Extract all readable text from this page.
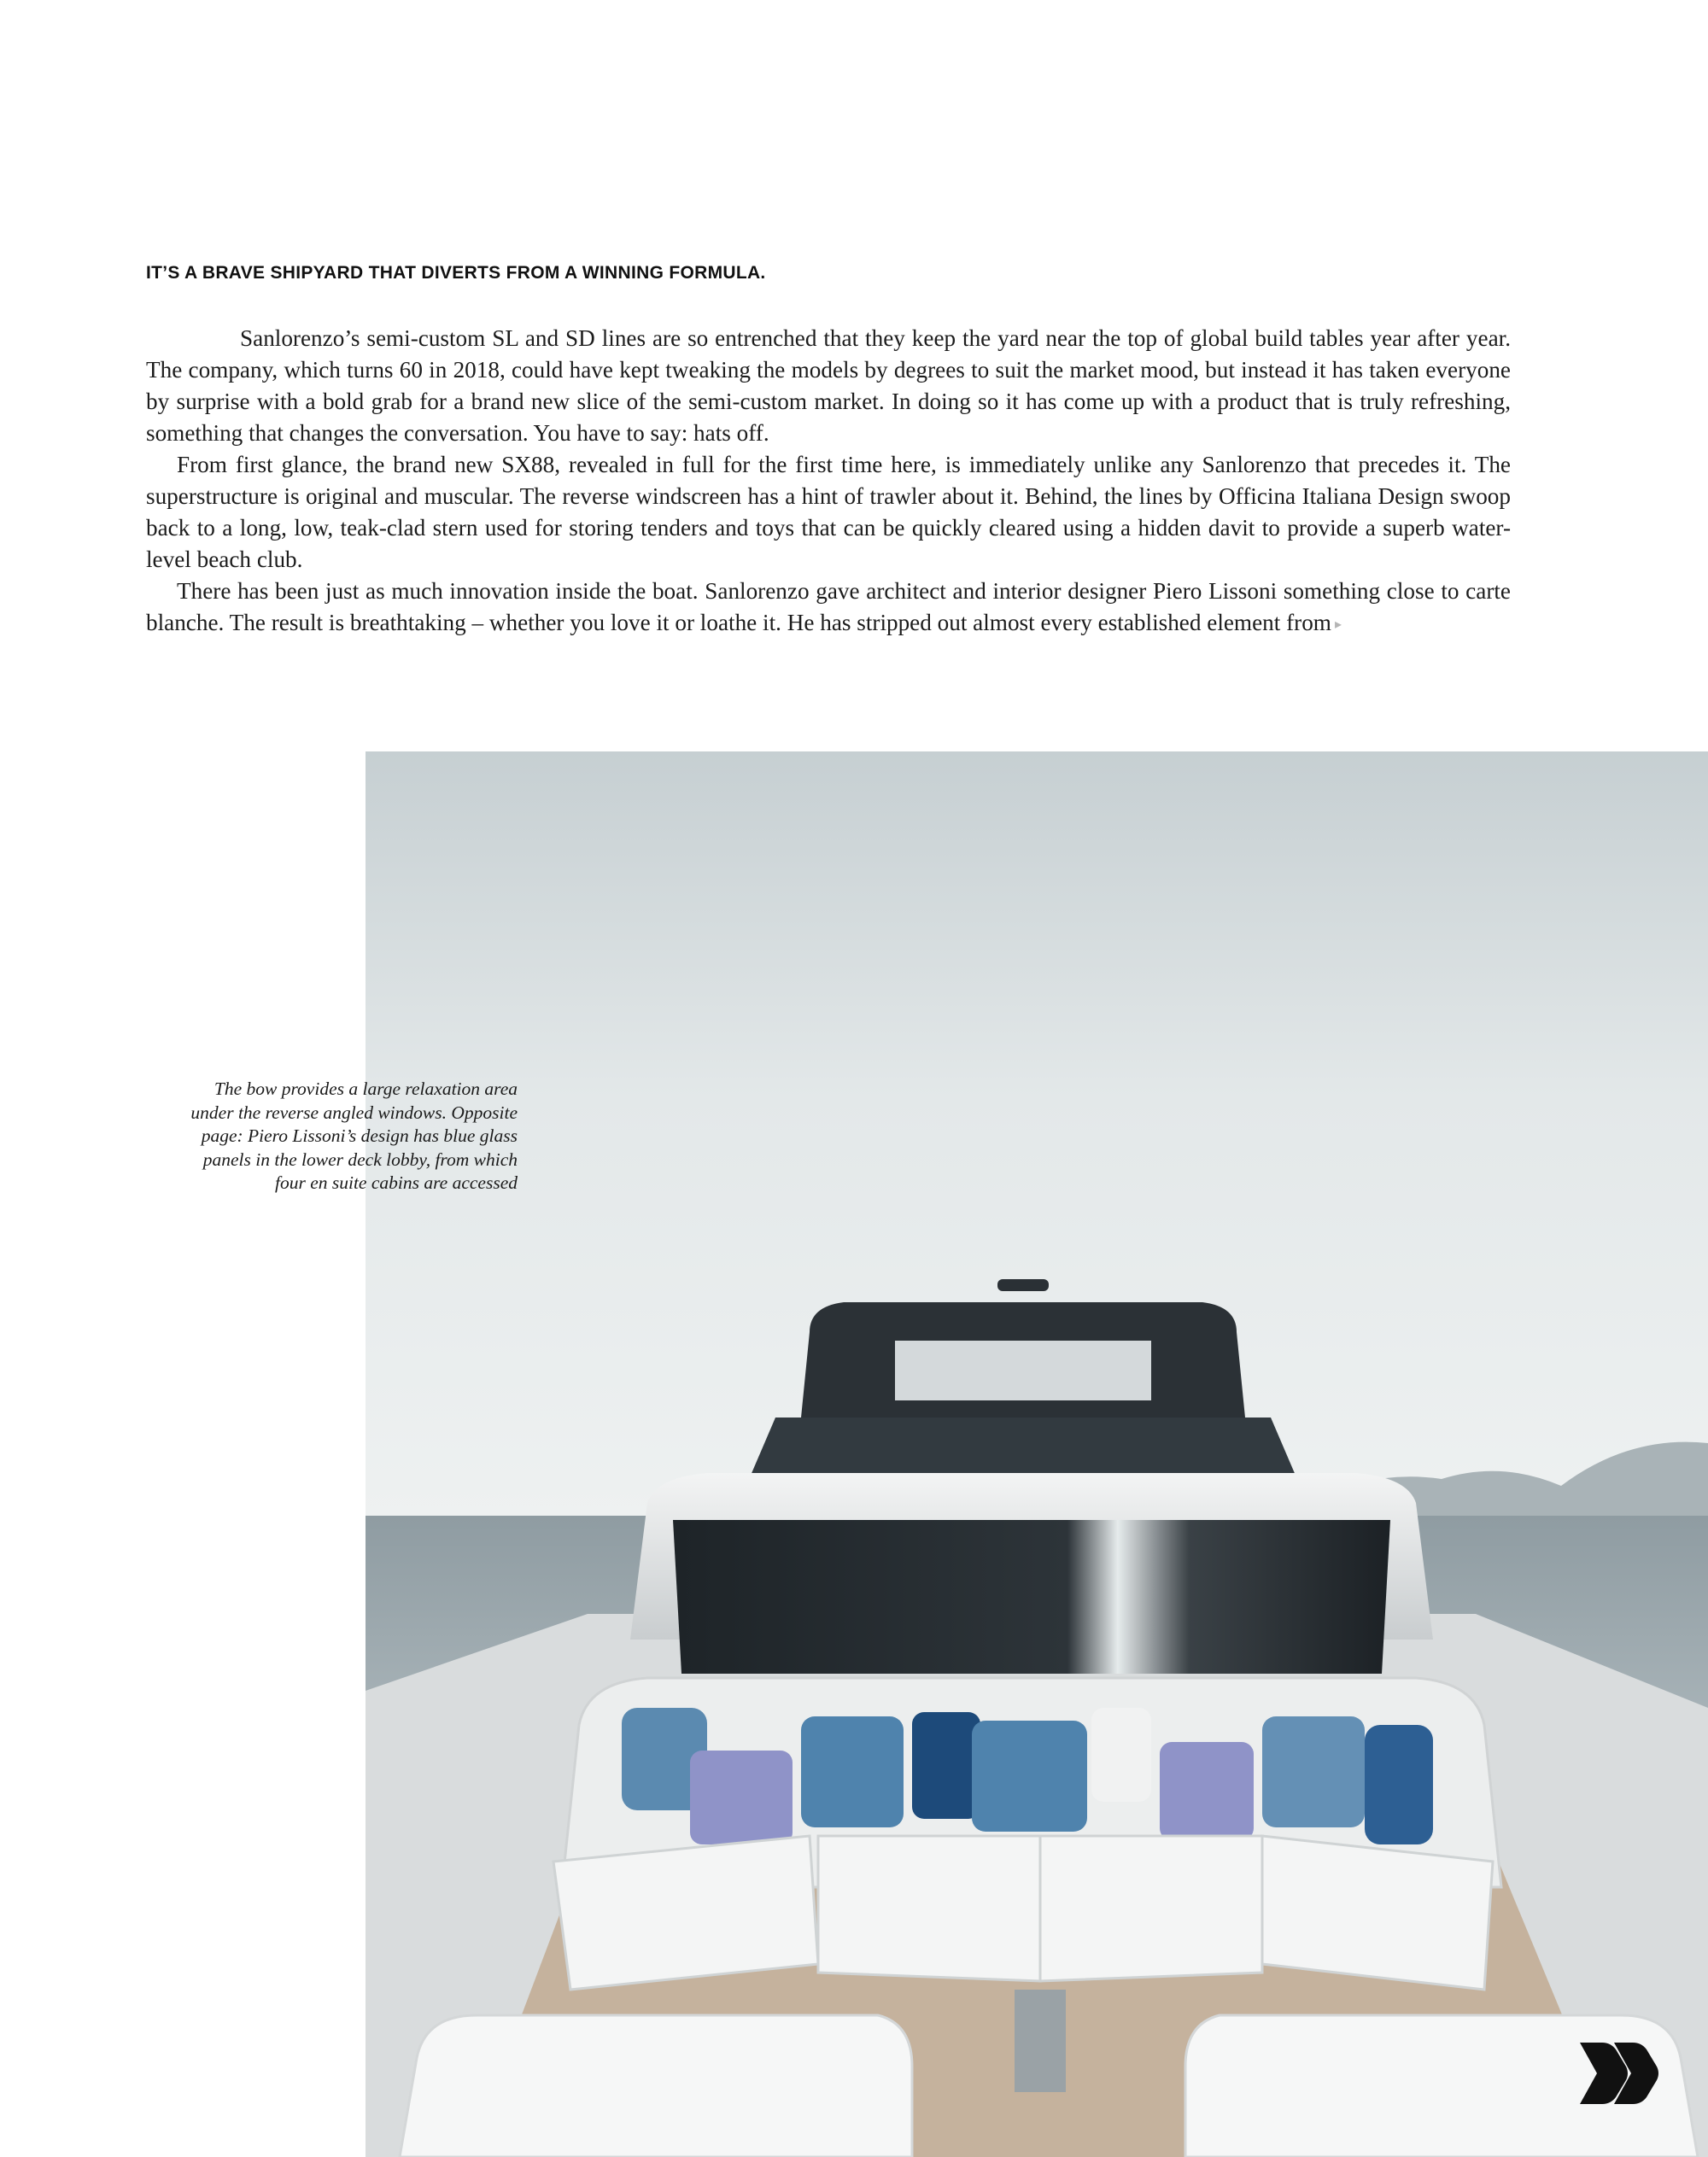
IT’S A BRAVE SHIPYARD THAT DIVERTS FROM A WINNING FORMULA.

Sanlorenzo’s semi-custom SL and SD lines are so entrenched that they keep the yard near the top of global build tables year after year. The company, which turns 60 in 2018, could have kept tweaking the models by degrees to suit the market mood, but instead it has taken everyone by surprise with a bold grab for a brand new slice of the semi-custom market. In doing so it has come up with a product that is truly refreshing, something that changes the conversation. You have to say: hats off.

From first glance, the brand new SX88, revealed in full for the first time here, is immediately unlike any Sanlorenzo that precedes it. The superstructure is original and muscular. The reverse windscreen has a hint of trawler about it. Behind, the lines by Officina Italiana Design swoop back to a long, low, teak-clad stern used for storing tenders and toys that can be quickly cleared using a hidden davit to provide a superb water-level beach club.

There has been just as much innovation inside the boat. Sanlorenzo gave architect and interior designer Piero Lissoni something close to carte blanche. The result is breathtaking – whether you love it or loathe it. He has stripped out almost every established element from ▸

The bow provides a large relaxation area
under the reverse angled windows. Opposite
page: Piero Lissoni’s design has blue glass
panels in the lower deck lobby, from which
four en suite cabins are accessed
